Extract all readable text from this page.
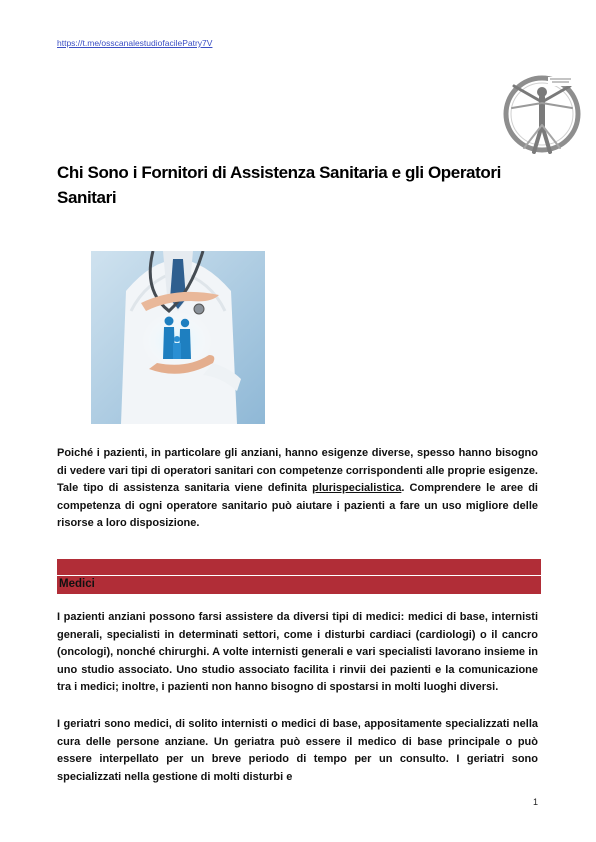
https://t.me/osscanalestudiofacilePatry7V
Chi Sono i Fornitori di Assistenza Sanitaria e gli Operatori Sanitari

Poiché i pazienti, in particolare gli anziani, hanno esigenze diverse, spesso hanno bisogno di vedere vari tipi di operatori sanitari con competenze corrispondenti alle proprie esigenze. Tale tipo di assistenza sanitaria viene definita plurispecialistica. Comprendere le aree di competenza di ogni operatore sanitario può aiutare i pazienti a fare un uso migliore delle risorse a loro disposizione.

Medici

I pazienti anziani possono farsi assistere da diversi tipi di medici: medici di base, internisti generali, specialisti in determinati settori, come i disturbi cardiaci (cardiologi) o il cancro (oncologi), nonché chirurghi. A volte internisti generali e vari specialisti lavorano insieme in uno studio associato. Uno studio associato facilita i rinvii dei pazienti e la comunicazione tra i medici; inoltre, i pazienti non hanno bisogno di spostarsi in molti luoghi diversi.

I geriatri sono medici, di solito internisti o medici di base, appositamente specializzati nella cura delle persone anziane. Un geriatra può essere il medico di base principale o può essere interpellato per un breve periodo di tempo per un consulto. I geriatri sono specializzati nella gestione di molti disturbi e

1
